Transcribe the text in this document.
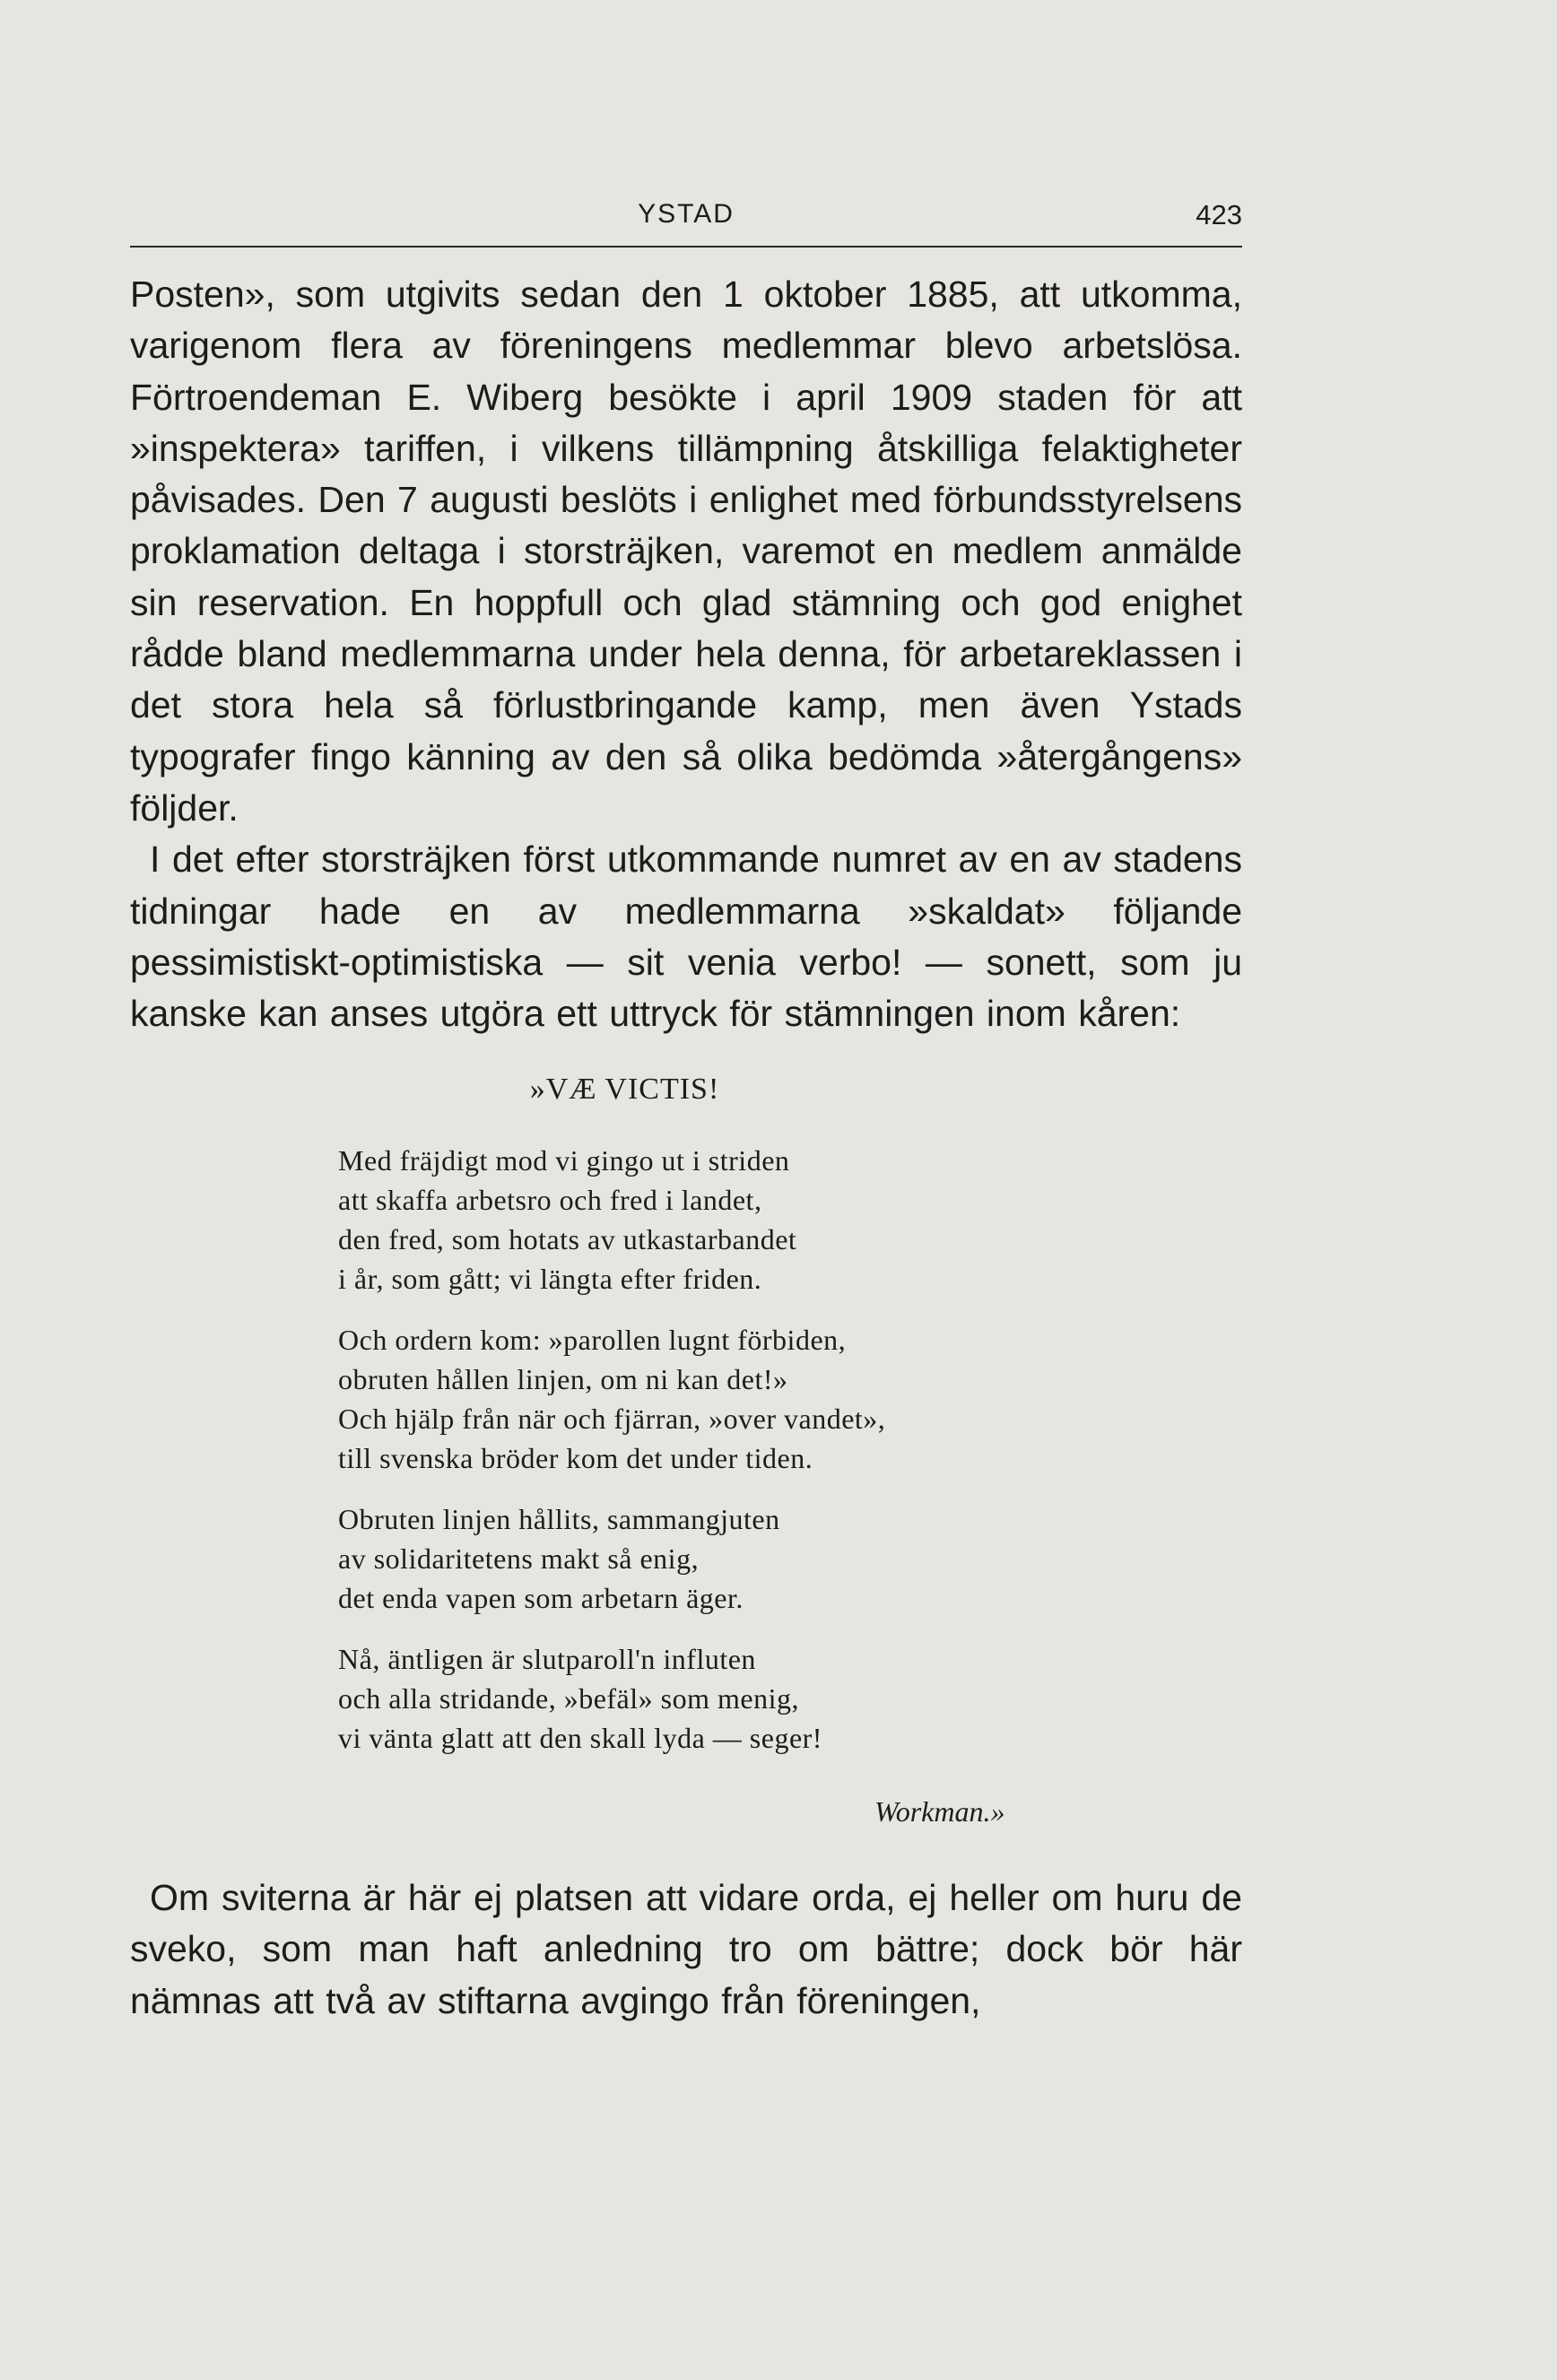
YSTAD	423

Posten», som utgivits sedan den 1 oktober 1885, att utkomma, varigenom flera av föreningens medlemmar blevo arbetslösa. Förtroendeman E. Wiberg besökte i april 1909 staden för att »inspektera» tariffen, i vilkens tillämpning åtskilliga felaktigheter påvisades. Den 7 augusti beslöts i enlighet med förbundsstyrelsens proklamation deltaga i storsträjken, varemot en medlem anmälde sin reservation. En hoppfull och glad stämning och god enighet rådde bland medlemmarna under hela denna, för arbetareklassen i det stora hela så förlustbringande kamp, men även Ystads typografer fingo känning av den så olika bedömda »återgångens» följder.

I det efter storsträjken först utkommande numret av en av stadens tidningar hade en av medlemmarna »skaldat» följande pessimistiskt-optimistiska — sit venia verbo! — sonett, som ju kanske kan anses utgöra ett uttryck för stämningen inom kåren:

»VÆ VICTIS!
Med fräjdigt mod vi gingo ut i striden
att skaffa arbetsro och fred i landet,
den fred, som hotats av utkastarbandet
i år, som gått; vi längta efter friden.
Och ordern kom: »parollen lugnt förbiden,
obruten hållen linjen, om ni kan det!»
Och hjälp från när och fjärran, »over vandet»,
till svenska bröder kom det under tiden.
Obruten linjen hållits, sammangjuten
av solidaritetens makt så enig,
det enda vapen som arbetarn äger.
Nå, äntligen är slutparoll'n influten
och alla stridande, »befäl» som menig,
vi vänta glatt att den skall lyda — seger!
Workman.»

Om sviterna är här ej platsen att vidare orda, ej heller om huru de sveko, som man haft anledning tro om bättre; dock bör här nämnas att två av stiftarna avgingo från föreningen,
